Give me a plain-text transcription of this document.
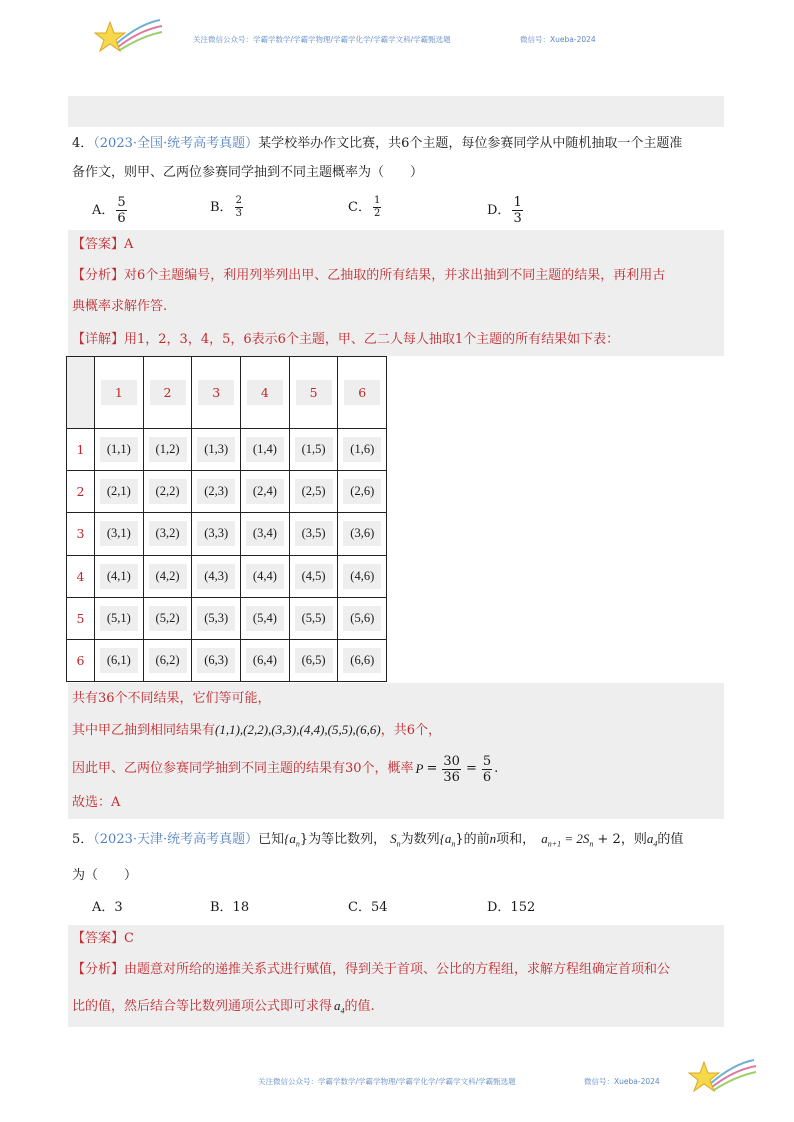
关注微信公众号：学霸学数学/学霸学物理/学霸学化学/学霸学文科/学霸甄选题	微信号：Xueba-2024
4．（2023·全国·统考高考真题）某学校举办作文比赛，共6个主题，每位参赛同学从中随机抽取一个主题准
备作文，则甲、乙两位参赛同学抽到不同主题概率为（　　）
A． $\frac{5}{6}$	B． $\frac{2}{3}$	C． $\frac{1}{2}$	D． $\frac{1}{3}$
【答案】A
【分析】对6个主题编号，利用列举列出甲、乙抽取的所有结果，并求出抽到不同主题的结果，再利用古
典概率求解作答.
【详解】用1，2，3，4，5，6表示6个主题，甲、乙二人每人抽取1个主题的所有结果如下表：
	1	2	3	4	5	6
1	(1,1)	(1,2)	(1,3)	(1,4)	(1,5)	(1,6)
2	(2,1)	(2,2)	(2,3)	(2,4)	(2,5)	(2,6)
3	(3,1)	(3,2)	(3,3)	(3,4)	(3,5)	(3,6)
4	(4,1)	(4,2)	(4,3)	(4,4)	(4,5)	(4,6)
5	(5,1)	(5,2)	(5,3)	(5,4)	(5,5)	(5,6)
6	(6,1)	(6,2)	(6,3)	(6,4)	(6,5)	(6,6)
共有36个不同结果，它们等可能，
其中甲乙抽到相同结果有(1,1),(2,2),(3,3),(4,4),(5,5),(6,6)，共6个，
因此甲、乙两位参赛同学抽到不同主题的结果有30个，概率 $P = \frac{30}{36} = \frac{5}{6}$ .
故选：A
5．（2023·天津·统考高考真题）已知$\{a_n\}$为等比数列， $S_n$为数列$\{a_n\}$的前n项和， $a_{n+1} = 2S_n + 2$，则$a_4$的值
为（　　）
A．3	B．18	C．54	D．152
【答案】C
【分析】由题意对所给的递推关系式进行赋值，得到关于首项、公比的方程组，求解方程组确定首项和公
比的值，然后结合等比数列通项公式即可求得 $a_4$的值.
关注微信公众号：学霸学数学/学霸学物理/学霸学化学/学霸学文科/学霸甄选题	微信号：Xueba-2024
